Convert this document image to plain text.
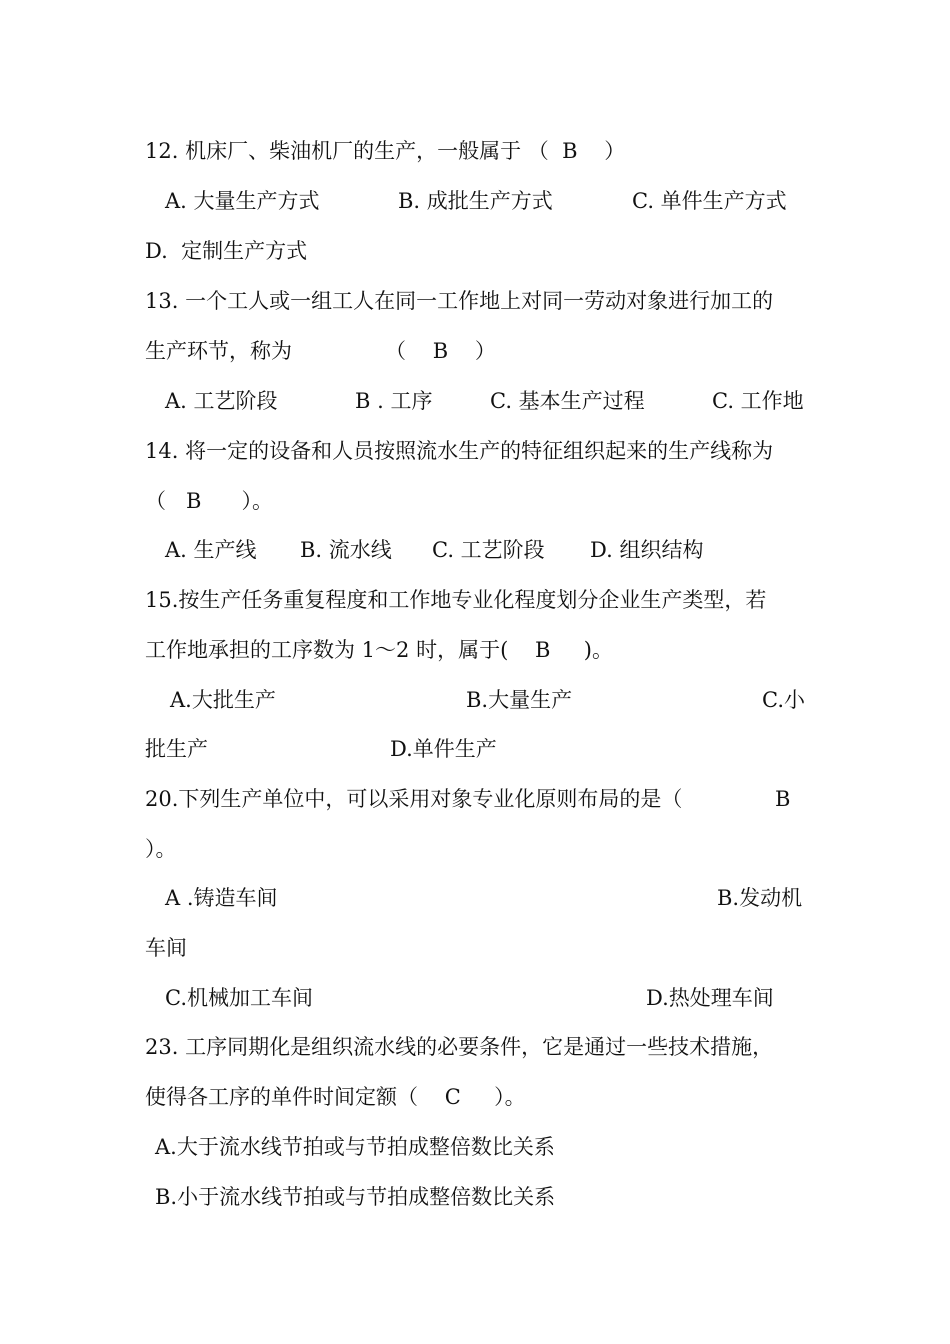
12. 机床厂、柴油机厂的生产，一般属于 （  B    ）
A. 大量生产方式	B. 成批生产方式	C. 单件生产方式
D.  定制生产方式
13. 一个工人或一组工人在同一工作地上对同一劳动对象进行加工的
生产环节，称为	（    B    ）
A. 工艺阶段	B . 工序	C. 基本生产过程	C. 工作地
14. 将一定的设备和人员按照流水生产的特征组织起来的生产线称为
（   B      ）。
A. 生产线 B. 流水线 C. 工艺阶段 D. 组织结构
15.按生产任务重复程度和工作地专业化程度划分企业生产类型，若
工作地承担的工序数为 1～2 时，属于(    B     )。
A.大批生产	B.大量生产	C.小
批生产	D.单件生产
20.下列生产单位中，可以采用对象专业化原则布局的是（	B
）。
A .铸造车间	B.发动机
车间
C.机械加工车间	D.热处理车间
23. 工序同期化是组织流水线的必要条件，它是通过一些技术措施，
使得各工序的单件时间定额（    C     ）。
A.大于流水线节拍或与节拍成整倍数比关系
B.小于流水线节拍或与节拍成整倍数比关系
